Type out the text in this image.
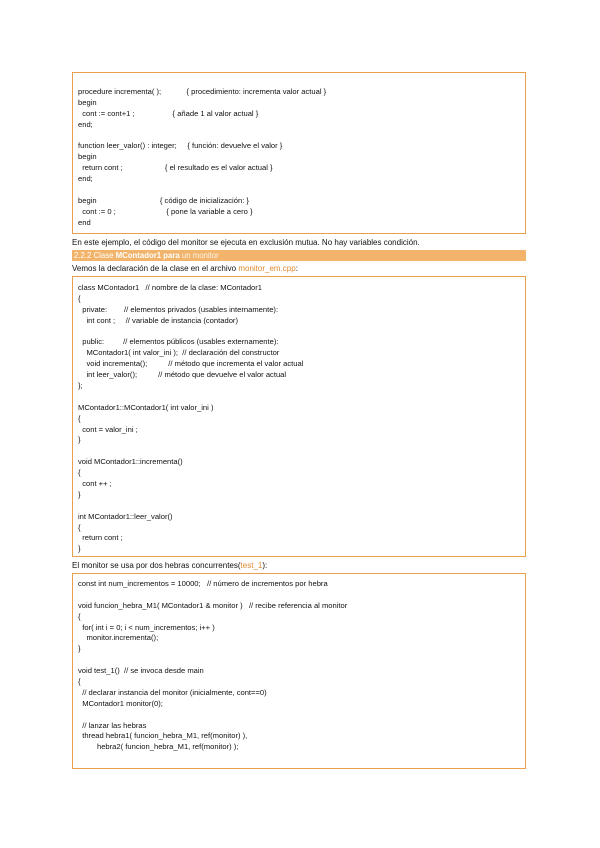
procedure incrementa( );            { procedimiento: incrementa valor actual }
begin
cont := cont+1 ;                  { añade 1 al valor actual }
end;
function leer_valor() : integer;     { función: devuelve el valor }
begin
return cont ;                    { el resultado es el valor actual }
end;
begin                              { código de inicialización: }
cont := 0 ;                        { pone la variable a cero }
end
En este ejemplo, el código del monitor se ejecuta en exclusión mutua. No hay variables condición.
2.2.2 Clase MContador1 para un monitor
Vemos la declaración de la clase en el archivo monitor_em.cpp:
class MContador1   // nombre de la clase: MContador1
{
private:        // elementos privados (usables internamente):
int cont ;     // variable de instancia (contador)
public:         // elementos públicos (usables externamente):
MContador1( int valor_ini );  // declaración del constructor
void incrementa();          // método que incrementa el valor actual
int leer_valor();          // método que devuelve el valor actual
};
MContador1::MContador1( int valor_ini )
{
cont = valor_ini ;
}
void MContador1::incrementa()
{
cont ++ ;
}
int MContador1::leer_valor()
{
return cont ;
}
El monitor se usa por dos hebras concurrentes(test_1):
const int num_incrementos = 10000;   // número de incrementos por hebra
void funcion_hebra_M1( MContador1 & monitor )   // recibe referencia al monitor
{
for( int i = 0; i < num_incrementos; i++ )
monitor.incrementa();
}
void test_1()  // se invoca desde main
{
// declarar instancia del monitor (inicialmente, cont==0)
MContador1 monitor(0);
// lanzar las hebras
thread hebra1( funcion_hebra_M1, ref(monitor) ),
hebra2( funcion_hebra_M1, ref(monitor) );
